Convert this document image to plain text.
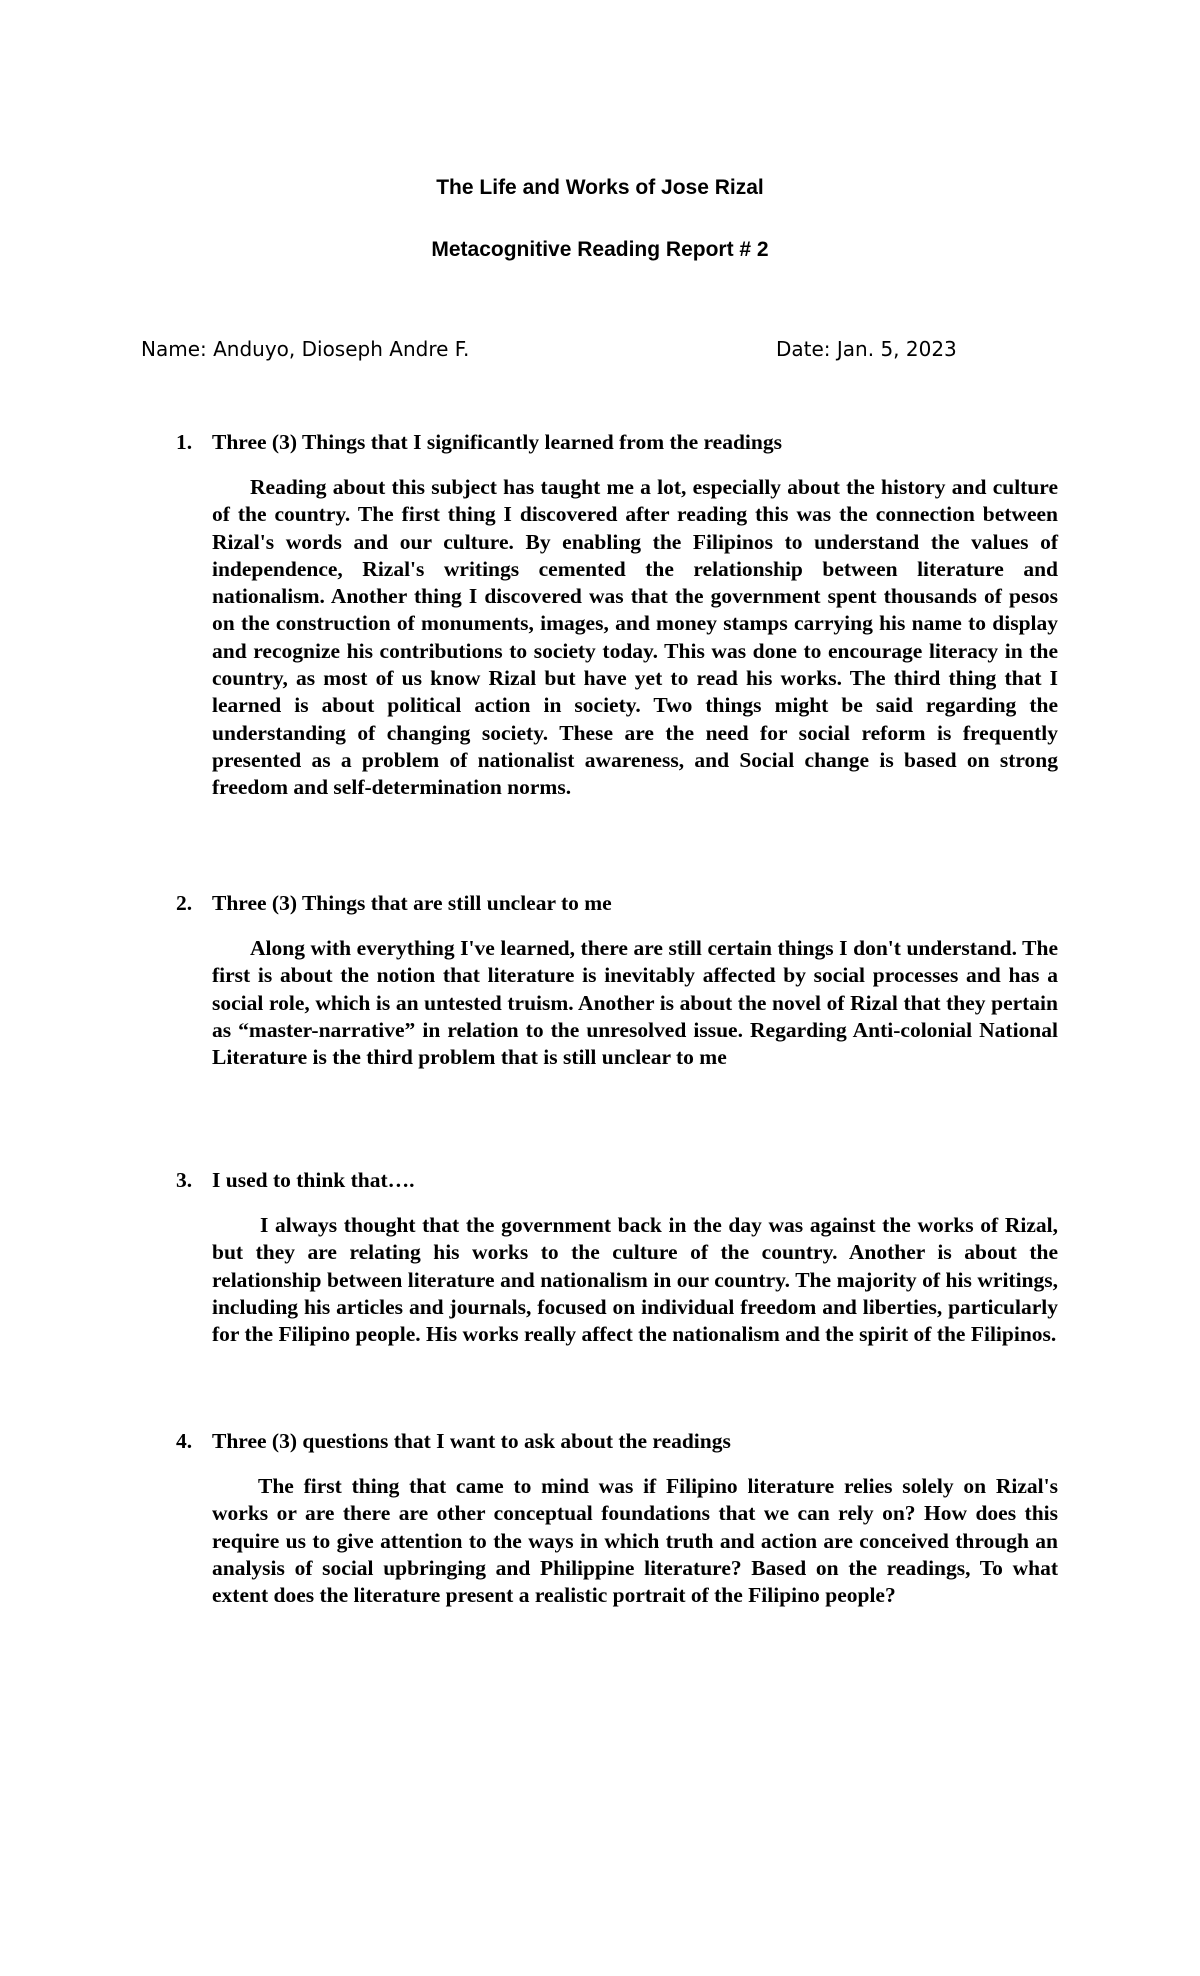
The Life and Works of Jose Rizal
Metacognitive Reading Report # 2

Name: Anduyo, Dioseph Andre F.	Date: Jan. 5, 2023

1. Three (3) Things that I significantly learned from the readings

Reading about this subject has taught me a lot, especially about the history and culture of the country. The first thing I discovered after reading this was the connection between Rizal's words and our culture. By enabling the Filipinos to understand the values of independence, Rizal's writings cemented the relationship between literature and nationalism. Another thing I discovered was that the government spent thousands of pesos on the construction of monuments, images, and money stamps carrying his name to display and recognize his contributions to society today. This was done to encourage literacy in the country, as most of us know Rizal but have yet to read his works. The third thing that I learned is about political action in society. Two things might be said regarding the understanding of changing society. These are the need for social reform is frequently presented as a problem of nationalist awareness, and Social change is based on strong freedom and self-determination norms.

2. Three (3) Things that are still unclear to me

Along with everything I've learned, there are still certain things I don't understand. The first is about the notion that literature is inevitably affected by social processes and has a social role, which is an untested truism. Another is about the novel of Rizal that they pertain as “master-narrative” in relation to the unresolved issue. Regarding Anti-colonial National Literature is the third problem that is still unclear to me

3. I used to think that….

I always thought that the government back in the day was against the works of Rizal, but they are relating his works to the culture of the country. Another is about the relationship between literature and nationalism in our country. The majority of his writings, including his articles and journals, focused on individual freedom and liberties, particularly for the Filipino people. His works really affect the nationalism and the spirit of the Filipinos.

4. Three (3) questions that I want to ask about the readings

The first thing that came to mind was if Filipino literature relies solely on Rizal's works or are there are other conceptual foundations that we can rely on? How does this require us to give attention to the ways in which truth and action are conceived through an analysis of social upbringing and Philippine literature? Based on the readings, To what extent does the literature present a realistic portrait of the Filipino people?
